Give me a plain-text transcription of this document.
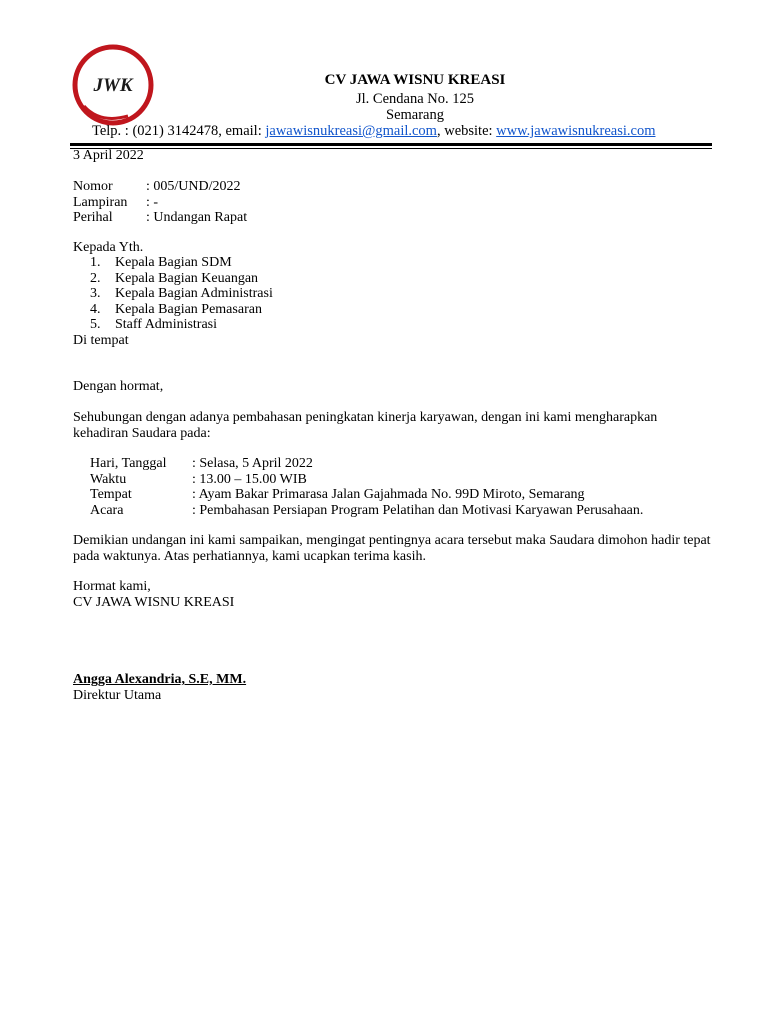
JWK	CV JAWA WISNU KREASI
Jl. Cendana No. 125
Semarang
Telp. : (021) 3142478, email: jawawisnukreasi@gmail.com, website: www.jawawisnukreasi.com
3 April 2022
Nomor	: 005/UND/2022
Lampiran	: -
Perihal	: Undangan Rapat
Kepada Yth.
1.	Kepala Bagian SDM
2.	Kepala Bagian Keuangan
3.	Kepala Bagian Administrasi
4.	Kepala Bagian Pemasaran
5.	Staff Administrasi
Di tempat
Dengan hormat,
Sehubungan dengan adanya pembahasan peningkatan kinerja karyawan, dengan ini kami mengharapkan kehadiran Saudara pada:
Hari, Tanggal	: Selasa, 5 April 2022
Waktu	: 13.00 – 15.00 WIB
Tempat	: Ayam Bakar Primarasa Jalan Gajahmada No. 99D Miroto, Semarang
Acara	: Pembahasan Persiapan Program Pelatihan dan Motivasi Karyawan Perusahaan.
Demikian undangan ini kami sampaikan, mengingat pentingnya acara tersebut maka Saudara dimohon hadir tepat pada waktunya. Atas perhatiannya, kami ucapkan terima kasih.
Hormat kami,
CV JAWA WISNU KREASI
Angga Alexandria, S.E, MM.
Direktur Utama
